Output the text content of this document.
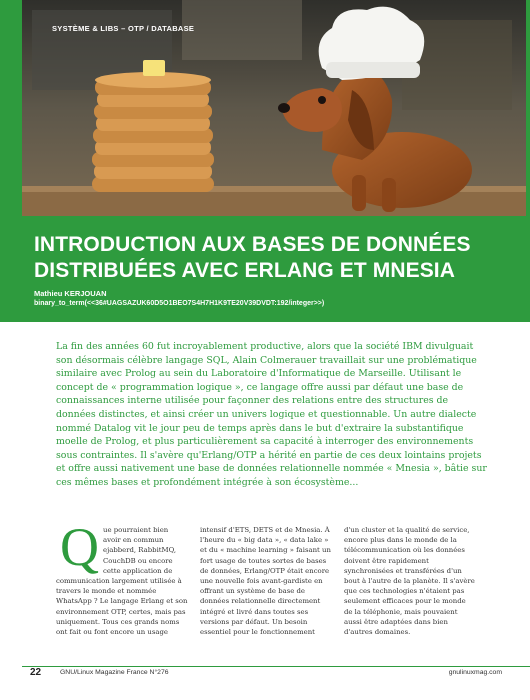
SYSTÈME & LIBS – OTP / DATABASE
INTRODUCTION AUX BASES DE DONNÉES DISTRIBUÉES AVEC ERLANG ET MNESIA
Mathieu KERJOUAN
binary_to_term(<<36#UAGSAZUK60D5O1BEO7S4H7H1K9TE20V39DVDT:192/integer>>)

La fin des années 60 fut incroyablement productive, alors que la société IBM divulguait son désormais célèbre langage SQL, Alain Colmerauer travaillait sur une problématique similaire avec Prolog au sein du Laboratoire d'Informatique de Marseille. Utilisant le concept de « programmation logique », ce langage offre aussi par défaut une base de connaissances interne utilisée pour façonner des relations entre des structures de données distinctes, et ainsi créer un univers logique et questionnable. Un autre dialecte nommé Datalog vit le jour peu de temps après dans le but d'extraire la substantifique moelle de Prolog, et plus particulièrement sa capacité à interroger des environnements sous contraintes. Il s'avère qu'Erlang/OTP a hérité en partie de ces deux lointains projets et offre aussi nativement une base de données relationnelle nommée « Mnesia », bâtie sur ces mêmes bases et profondément intégrée à son écosystème...

Que pourraient bien avoir en commun ejabberd, RabbitMQ, CouchDB ou encore cette application de communication largement utilisée à travers le monde et nommée WhatsApp ? Le langage Erlang et son environnement OTP, certes, mais pas uniquement. Tous ces grands noms ont fait ou font encore un usage

intensif d'ETS, DETS et de Mnesia. À l'heure du « big data », « data lake » et du « machine learning » faisant un fort usage de toutes sortes de bases de données, Erlang/OTP était encore une nouvelle fois avant-gardiste en offrant un système de base de données relationnelle directement intégré et livré dans toutes ses versions par défaut. Un besoin essentiel pour le fonctionnement

d'un cluster et la qualité de service, encore plus dans le monde de la télécommunication où les données doivent être rapidement synchronisées et transférées d'un bout à l'autre de la planète. Il s'avère que ces technologies n'étaient pas seulement efficaces pour le monde de la téléphonie, mais pouvaient aussi être adaptées dans bien d'autres domaines.

22	GNU/Linux Magazine France N°276	gnulinuxmag.com
